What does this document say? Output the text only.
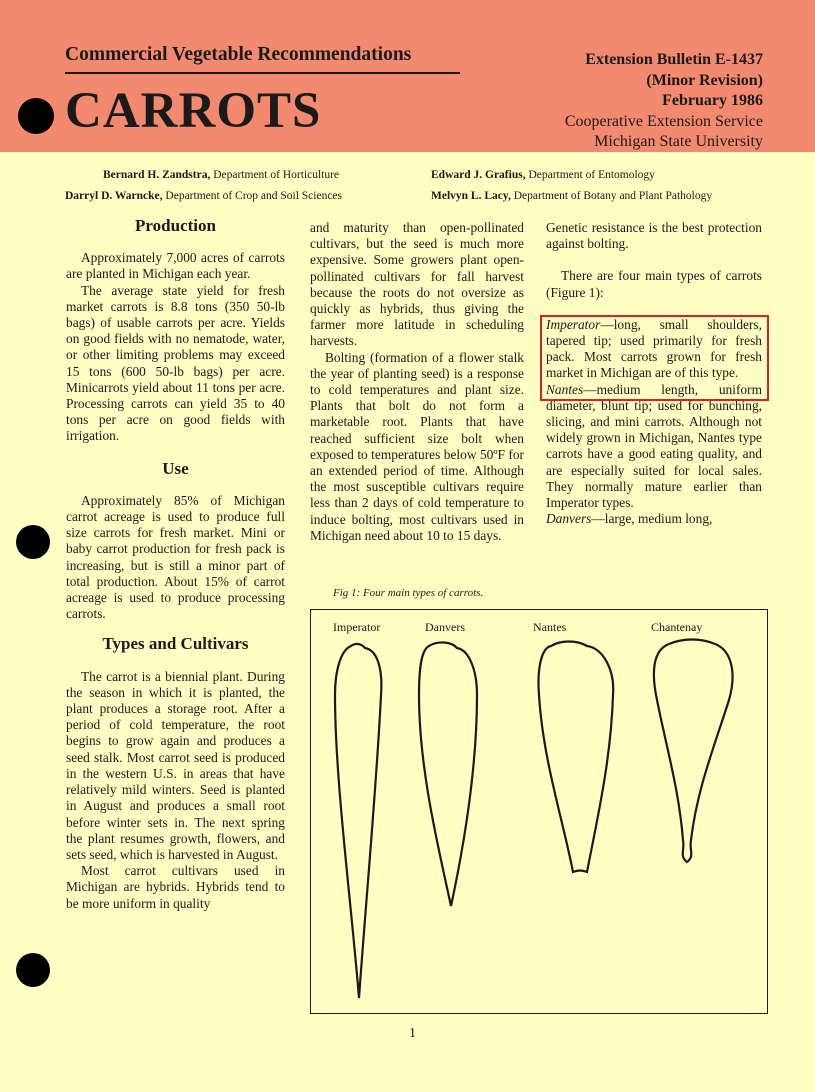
Commercial Vegetable Recommendations
CARROTS
Extension Bulletin E-1437
(Minor Revision)
February 1986
Cooperative Extension Service
Michigan State University
Bernard H. Zandstra, Department of Horticulture
Darryl D. Warncke, Department of Crop and Soil Sciences
Edward J. Grafius, Department of Entomology
Melvyn L. Lacy, Department of Botany and Plant Pathology
Production

Approximately 7,000 acres of carrots are planted in Michigan each year.

The average state yield for fresh market carrots is 8.8 tons (350 50-lb bags) of usable carrots per acre. Yields on good fields with no nematode, water, or other limiting problems may exceed 15 tons (600 50-lb bags) per acre. Minicarrots yield about 11 tons per acre. Processing carrots can yield 35 to 40 tons per acre on good fields with irrigation.

Use

Approximately 85% of Michigan carrot acreage is used to produce full size carrots for fresh market. Mini or baby carrot production for fresh pack is increasing, but is still a minor part of total production. About 15% of carrot acreage is used to produce processing carrots.

Types and Cultivars

The carrot is a biennial plant. During the season in which it is planted, the plant produces a storage root. After a period of cold temperature, the root begins to grow again and produces a seed stalk. Most carrot seed is produced in the western U.S. in areas that have relatively mild winters. Seed is planted in August and produces a small root before winter sets in. The next spring the plant resumes growth, flowers, and sets seed, which is harvested in August.

Most carrot cultivars used in Michigan are hybrids. Hybrids tend to be more uniform in quality

and maturity than open-pollinated cultivars, but the seed is much more expensive. Some growers plant open-pollinated cultivars for fall harvest because the roots do not oversize as quickly as hybrids, thus giving the farmer more latitude in scheduling harvests.

Bolting (formation of a flower stalk the year of planting seed) is a response to cold temperatures and plant size. Plants that bolt do not form a marketable root. Plants that have reached sufficient size bolt when exposed to temperatures below 50ºF for an extended period of time. Although the most susceptible cultivars require less than 2 days of cold temperature to induce bolting, most cultivars used in Michigan need about 10 to 15 days.

Genetic resistance is the best protection against bolting.

There are four main types of carrots (Figure 1):

Imperator—long, small shoulders, tapered tip; used primarily for fresh pack. Most carrots grown for fresh market in Michigan are of this type.

Nantes—medium length, uniform diameter, blunt tip; used for bunching, slicing, and mini carrots. Although not widely grown in Michigan, Nantes type carrots have a good eating quality, and are especially suited for local sales. They normally mature earlier than Imperator types.

Danvers—large, medium long,

Fig 1: Four main types of carrots.
Imperator	Danvers	Nantes	Chantenay
1
